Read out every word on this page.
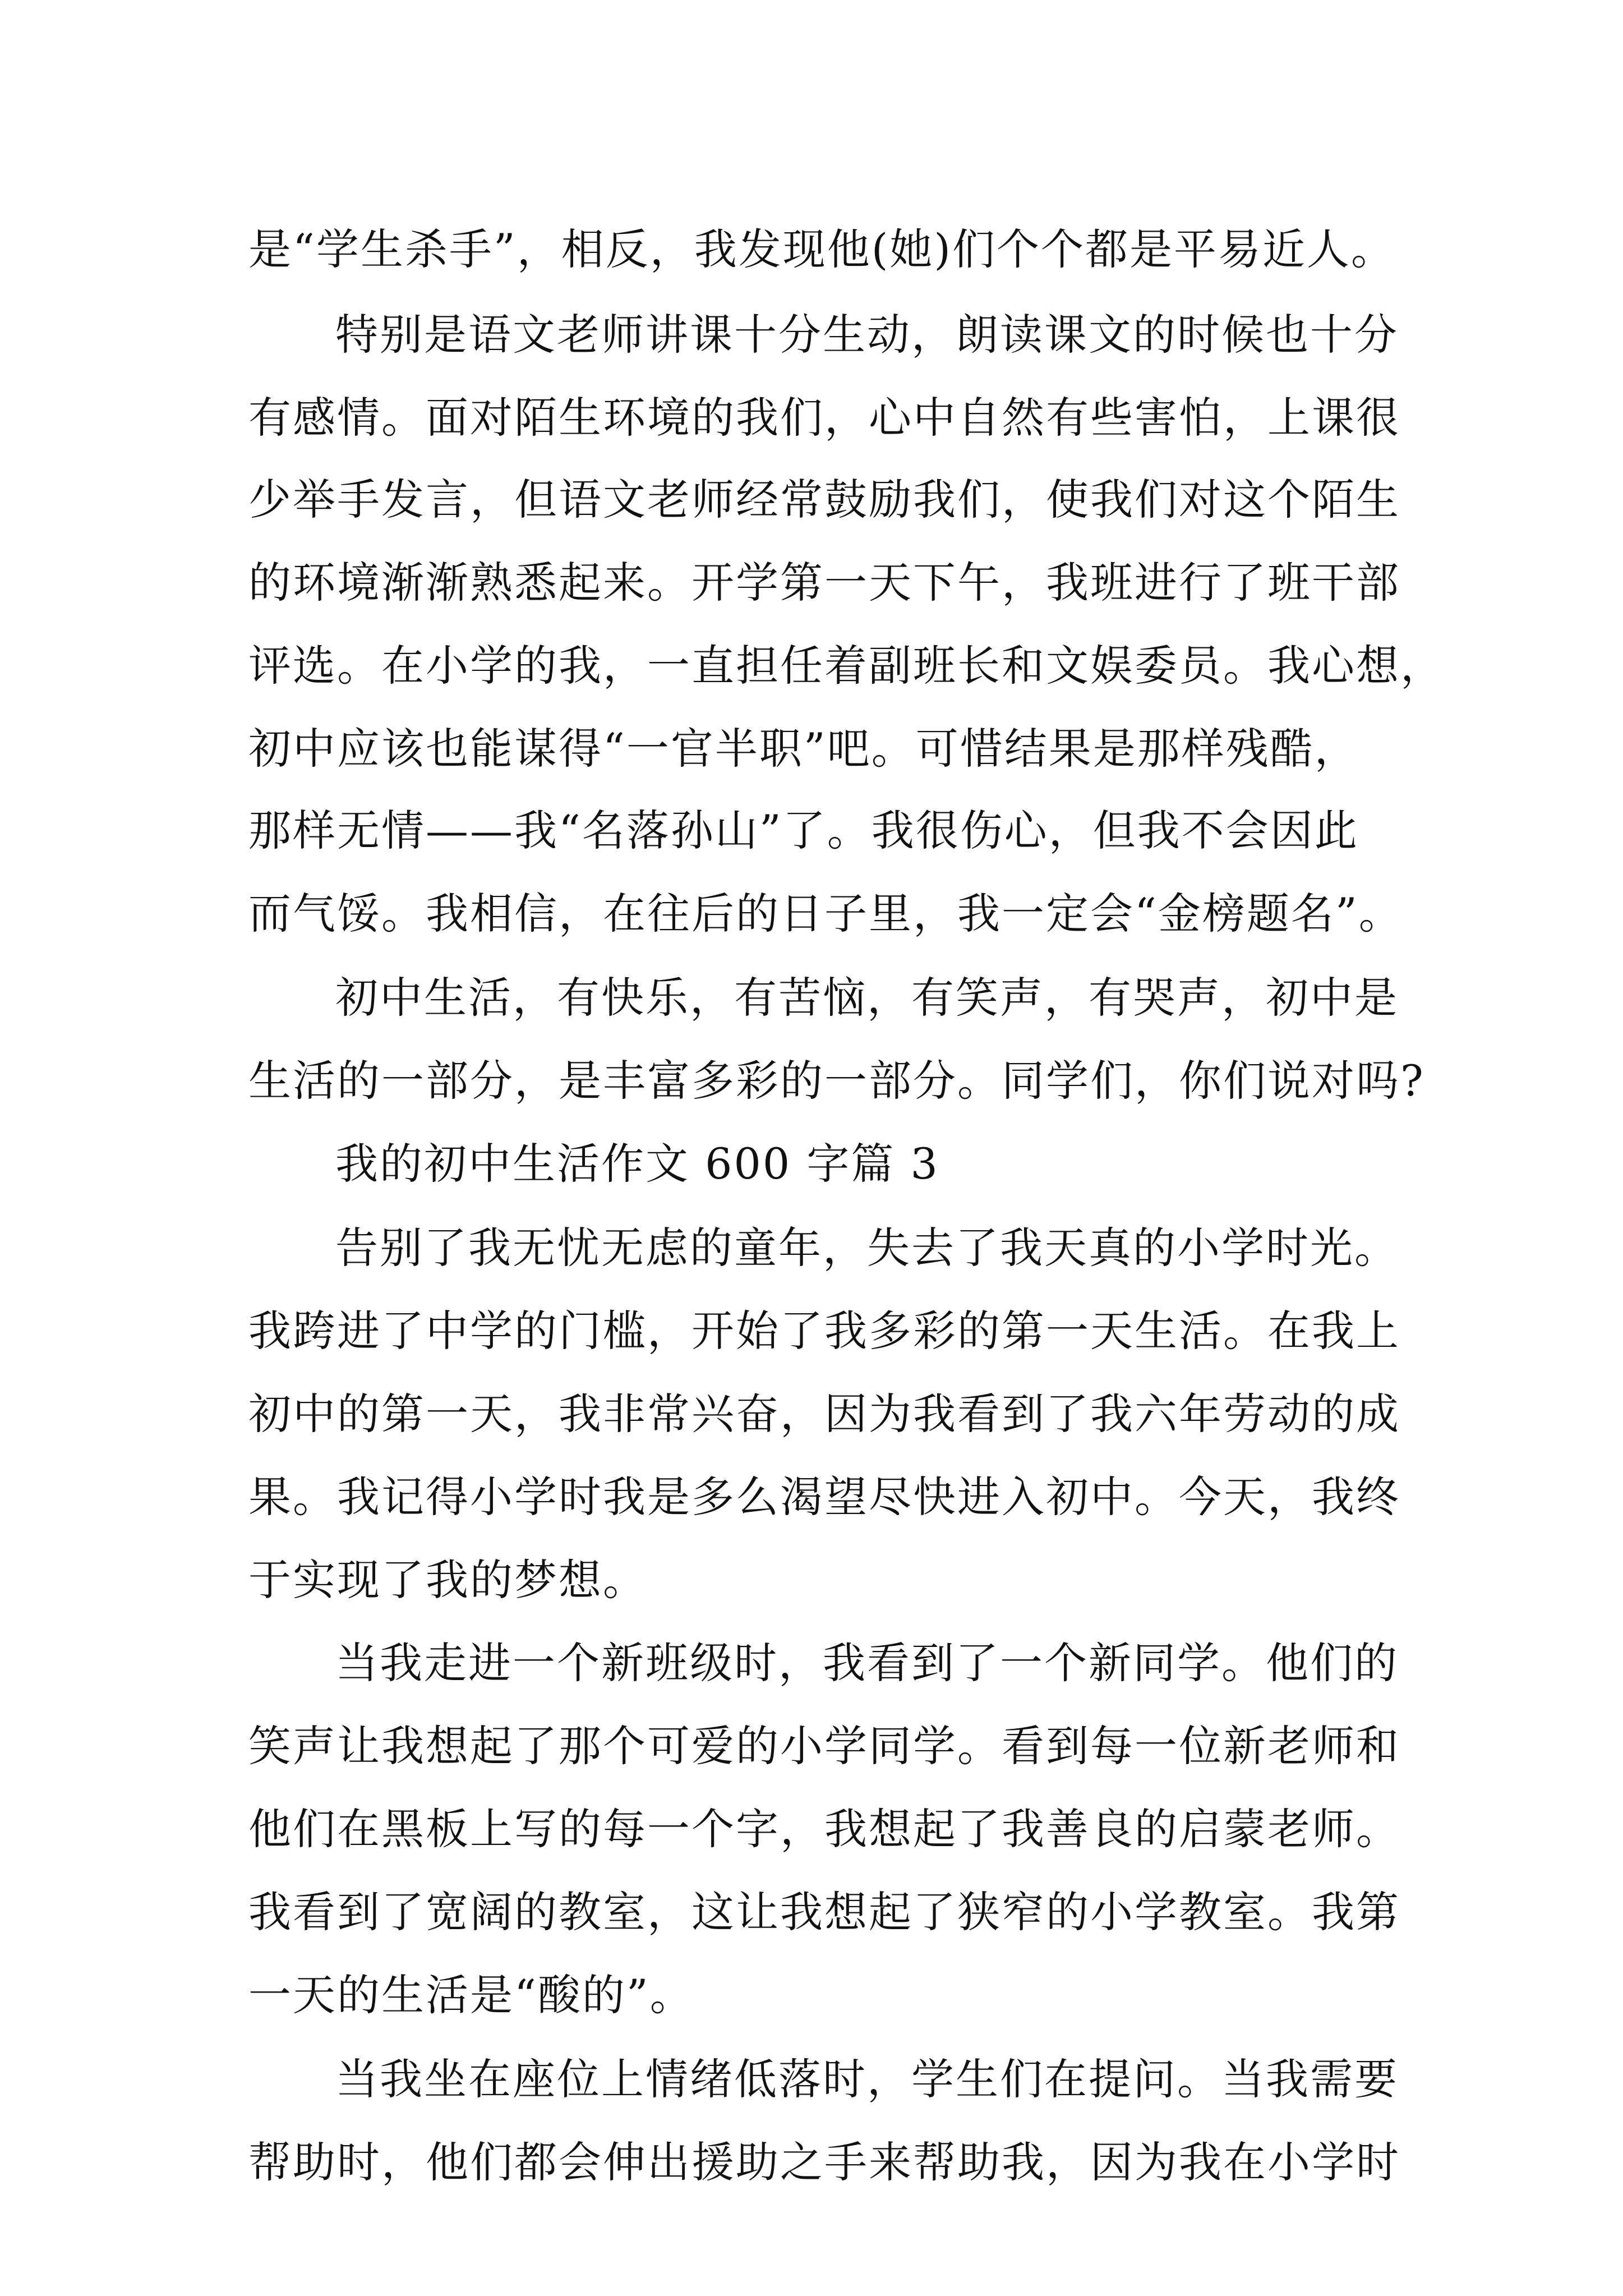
是“学生杀手”，相反，我发现他(她)们个个都是平易近人。

特别是语文老师讲课十分生动，朗读课文的时候也十分

有感情。面对陌生环境的我们，心中自然有些害怕，上课很

少举手发言，但语文老师经常鼓励我们，使我们对这个陌生

的环境渐渐熟悉起来。开学第一天下午，我班进行了班干部

评选。在小学的我，一直担任着副班长和文娱委员。我心想，

初中应该也能谋得“一官半职”吧。可惜结果是那样残酷，

那样无情——我“名落孙山”了。我很伤心，但我不会因此

而气馁。我相信，在往后的日子里，我一定会“金榜题名”。

初中生活，有快乐，有苦恼，有笑声，有哭声，初中是

生活的一部分，是丰富多彩的一部分。同学们，你们说对吗?

我的初中生活作文 600 字篇 3

告别了我无忧无虑的童年，失去了我天真的小学时光。

我跨进了中学的门槛，开始了我多彩的第一天生活。在我上

初中的第一天，我非常兴奋，因为我看到了我六年劳动的成

果。我记得小学时我是多么渴望尽快进入初中。今天，我终

于实现了我的梦想。

当我走进一个新班级时，我看到了一个新同学。他们的

笑声让我想起了那个可爱的小学同学。看到每一位新老师和

他们在黑板上写的每一个字，我想起了我善良的启蒙老师。

我看到了宽阔的教室，这让我想起了狭窄的小学教室。我第

一天的生活是“酸的”。

当我坐在座位上情绪低落时，学生们在提问。当我需要

帮助时，他们都会伸出援助之手来帮助我，因为我在小学时
